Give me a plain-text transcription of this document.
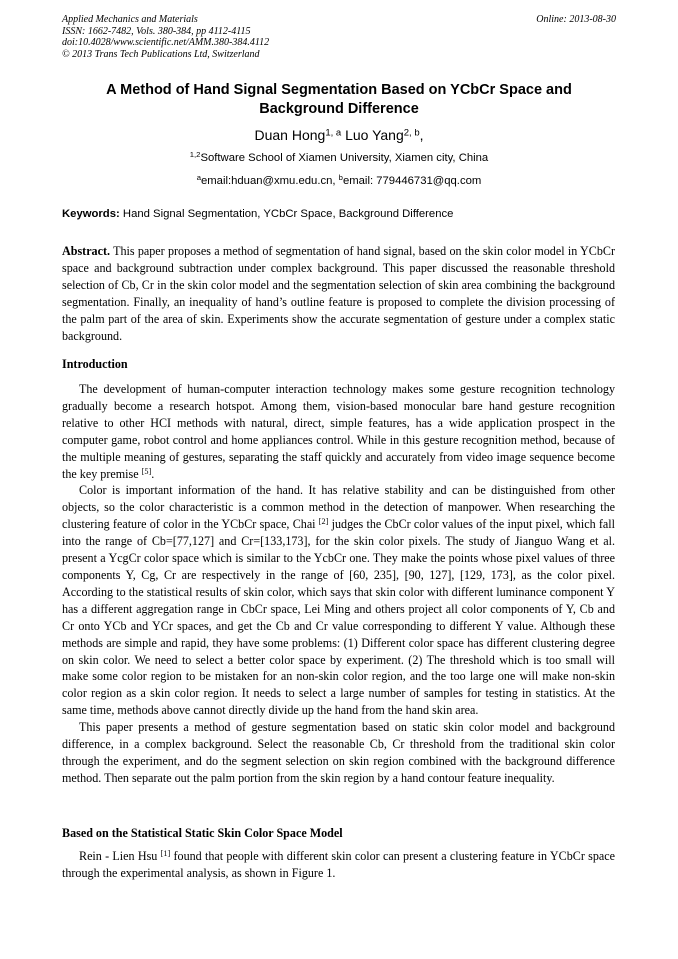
Applied Mechanics and Materials
ISSN: 1662-7482, Vols. 380-384, pp 4112-4115
doi:10.4028/www.scientific.net/AMM.380-384.4112
© 2013 Trans Tech Publications Ltd, Switzerland
Online: 2013-08-30
A Method of Hand Signal Segmentation Based on YCbCr Space and
Background Difference
Duan Hong$^{1, a}$ Luo Yang$^{2, b}$,
$^{1,2}$Software School of Xiamen University, Xiamen city, China
$^a$email:hduan@xmu.edu.cn, $^b$email: 779446731@qq.com
Keywords: Hand Signal Segmentation, YCbCr Space, Background Difference
Abstract. This paper proposes a method of segmentation of hand signal, based on the skin color model in YCbCr space and background subtraction under complex background. This paper discussed the reasonable threshold selection of Cb, Cr in the skin color model and the segmentation selection of skin area combining the background segmentation. Finally, an inequality of hand’s outline feature is proposed to complete the division processing of the palm part of the area of skin. Experiments show the accurate segmentation of gesture under a complex static background.
Introduction

The development of human-computer interaction technology makes some gesture recognition technology gradually become a research hotspot. Among them, vision-based monocular bare hand gesture recognition relative to other HCI methods with natural, direct, simple features, has a wide application prospect in the computer game, robot control and home appliances control. While in this gesture recognition method, because of the multiple meaning of gestures, separating the staff quickly and accurately from video image sequence become the key premise [5].

Color is important information of the hand. It has relative stability and can be distinguished from other objects, so the color characteristic is a common method in the detection of manpower. When researching the clustering feature of color in the YCbCr space, Chai [2] judges the CbCr color values of the input pixel, which fall into the range of Cb=[77,127] and Cr=[133,173], for the skin color pixels. The study of Jianguo Wang et al. present a YcgCr color space which is similar to the YcbCr one. They make the points whose pixel values of three components Y, Cg, Cr are respectively in the range of [60, 235], [90, 127], [129, 173], as the color pixel. According to the statistical results of skin color, which says that skin color with different luminance component Y has a different aggregation range in CbCr space, Lei Ming and others project all color components of Y, Cb and Cr onto YCb and YCr spaces, and get the Cb and Cr value corresponding to different Y value. Although these methods are simple and rapid, they have some problems: (1) Different color space has different clustering degree on skin color. We need to select a better color space by experiment. (2) The threshold which is too small will make some color region to be mistaken for an non-skin color region, and the too large one will make non-skin color region as a skin color region. It needs to select a large number of samples for testing in statistics. At the same time, methods above cannot directly divide up the hand from the hand skin area.

This paper presents a method of gesture segmentation based on static skin color model and background difference, in a complex background. Select the reasonable Cb, Cr threshold from the traditional skin color through the experiment, and do the segment selection on skin region combined with the background difference method. Then separate out the palm portion from the skin region by a hand contour feature inequality.

Based on the Statistical Static Skin Color Space Model

Rein - Lien Hsu [1] found that people with different skin color can present a clustering feature in YCbCr space through the experimental analysis, as shown in Figure 1.
